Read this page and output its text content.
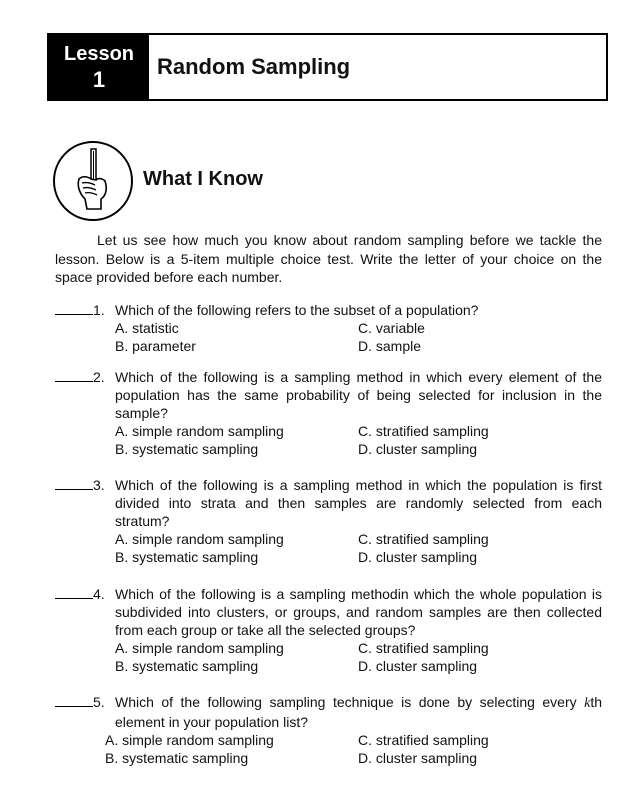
Lesson
1
Random Sampling
What I Know

Let us see how much you know about random sampling before we tackle the lesson. Below is a 5-item multiple choice test. Write the letter of your choice on the space provided before each number.

1. Which of the following refers to the subset of a population?
A. statistic	C. variable
B. parameter	D. sample
2. Which of the following is a sampling method in which every element of the population has the same probability of being selected for inclusion in the sample?
A. simple random sampling	C. stratified sampling
B. systematic sampling	D. cluster sampling
3. Which of the following is a sampling method in which the population is first divided into strata and then samples are randomly selected from each stratum?
A. simple random sampling	C. stratified sampling
B. systematic sampling	D. cluster sampling
4. Which of the following is a sampling methodin which the whole population is subdivided into clusters, or groups, and random samples are then collected from each group or take all the selected groups?
A. simple random sampling	C. stratified sampling
B. systematic sampling	D. cluster sampling
5. Which of the following sampling technique is done by selecting every kth element in your population list?
A. simple random sampling	C. stratified sampling
B. systematic sampling	D. cluster sampling
